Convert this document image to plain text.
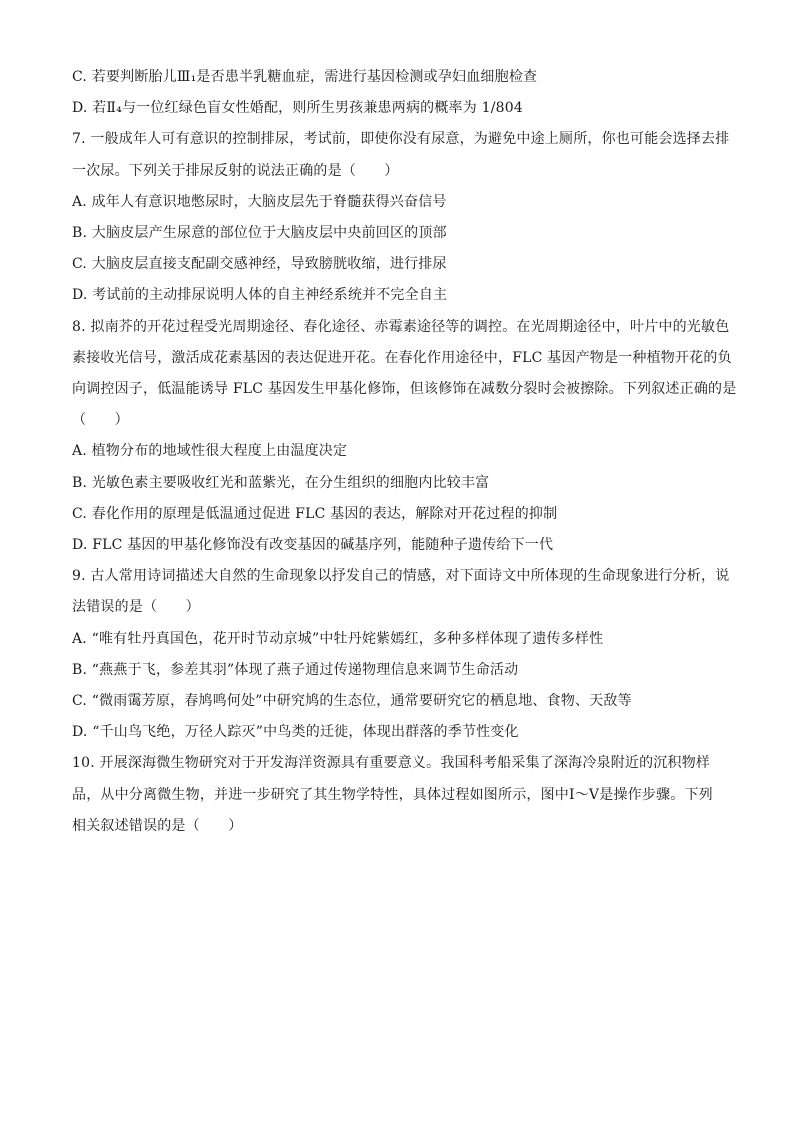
C. 若要判断胎儿Ⅲ₁是否患半乳糖血症，需进行基因检测或孕妇血细胞检查
D. 若Ⅱ₄与一位红绿色盲女性婚配，则所生男孩兼患两病的概率为 1/804
7. 一般成年人可有意识的控制排尿，考试前，即使你没有尿意，为避免中途上厕所，你也可能会选择去排
一次尿。下列关于排尿反射的说法正确的是（　　）
A. 成年人有意识地憋尿时，大脑皮层先于脊髓获得兴奋信号
B. 大脑皮层产生尿意的部位位于大脑皮层中央前回区的顶部
C. 大脑皮层直接支配副交感神经，导致膀胱收缩，进行排尿
D. 考试前的主动排尿说明人体的自主神经系统并不完全自主
8. 拟南芥的开花过程受光周期途径、春化途径、赤霉素途径等的调控。在光周期途径中，叶片中的光敏色
素接收光信号，激活成花素基因的表达促进开花。在春化作用途径中，FLC 基因产物是一种植物开花的负
向调控因子，低温能诱导 FLC 基因发生甲基化修饰，但该修饰在减数分裂时会被擦除。下列叙述正确的是
（　　）
A. 植物分布的地域性很大程度上由温度决定
B. 光敏色素主要吸收红光和蓝紫光，在分生组织的细胞内比较丰富
C. 春化作用的原理是低温通过促进 FLC 基因的表达，解除对开花过程的抑制
D. FLC 基因的甲基化修饰没有改变基因的碱基序列，能随种子遗传给下一代
9. 古人常用诗词描述大自然的生命现象以抒发自己的情感，对下面诗文中所体现的生命现象进行分析，说
法错误的是（　　）
A. “唯有牡丹真国色，花开时节动京城”中牡丹姹紫嫣红，多种多样体现了遗传多样性
B. “燕燕于飞，参差其羽”体现了燕子通过传递物理信息来调节生命活动
C. “微雨霭芳原，春鸠鸣何处”中研究鸠的生态位，通常要研究它的栖息地、食物、天敌等
D. “千山鸟飞绝，万径人踪灭”中鸟类的迁徙，体现出群落的季节性变化
10. 开展深海微生物研究对于开发海洋资源具有重要意义。我国科考船采集了深海冷泉附近的沉积物样
品，从中分离微生物，并进一步研究了其生物学特性，具体过程如图所示，图中Ⅰ～Ⅴ是操作步骤。下列
相关叙述错误的是（　　）
